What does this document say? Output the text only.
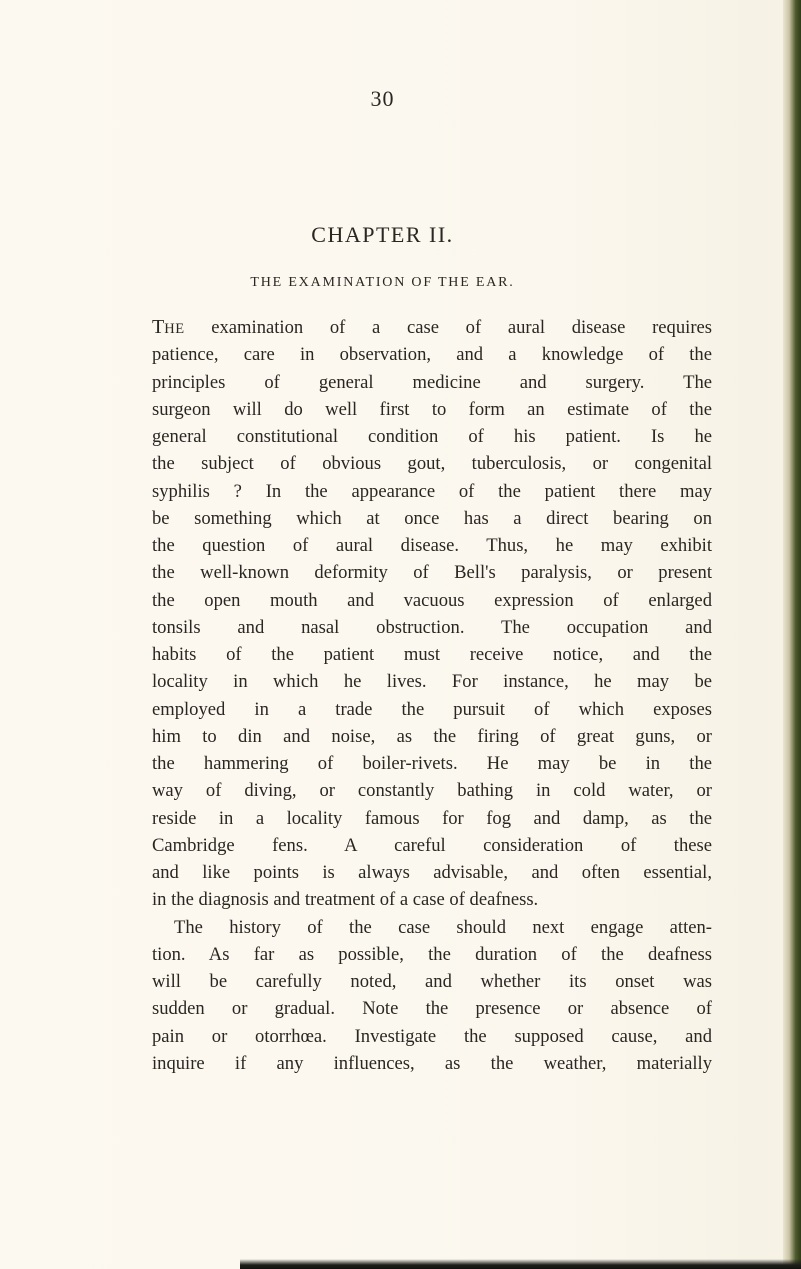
30
CHAPTER II.
THE EXAMINATION OF THE EAR.
THE examination of a case of aural disease requires
patience, care in observation, and a knowledge of the
principles of general medicine and surgery. The
surgeon will do well first to form an estimate of the
general constitutional condition of his patient. Is he
the subject of obvious gout, tuberculosis, or congenital
syphilis ? In the appearance of the patient there may
be something which at once has a direct bearing on
the question of aural disease. Thus, he may exhibit
the well-known deformity of Bell's paralysis, or present
the open mouth and vacuous expression of enlarged
tonsils and nasal obstruction. The occupation and
habits of the patient must receive notice, and the
locality in which he lives. For instance, he may be
employed in a trade the pursuit of which exposes
him to din and noise, as the firing of great guns, or
the hammering of boiler-rivets. He may be in the
way of diving, or constantly bathing in cold water, or
reside in a locality famous for fog and damp, as the
Cambridge fens. A careful consideration of these
and like points is always advisable, and often essential,
in the diagnosis and treatment of a case of deafness.
The history of the case should next engage atten-
tion. As far as possible, the duration of the deafness
will be carefully noted, and whether its onset was
sudden or gradual. Note the presence or absence of
pain or otorrhœa. Investigate the supposed cause, and
inquire if any influences, as the weather, materially
